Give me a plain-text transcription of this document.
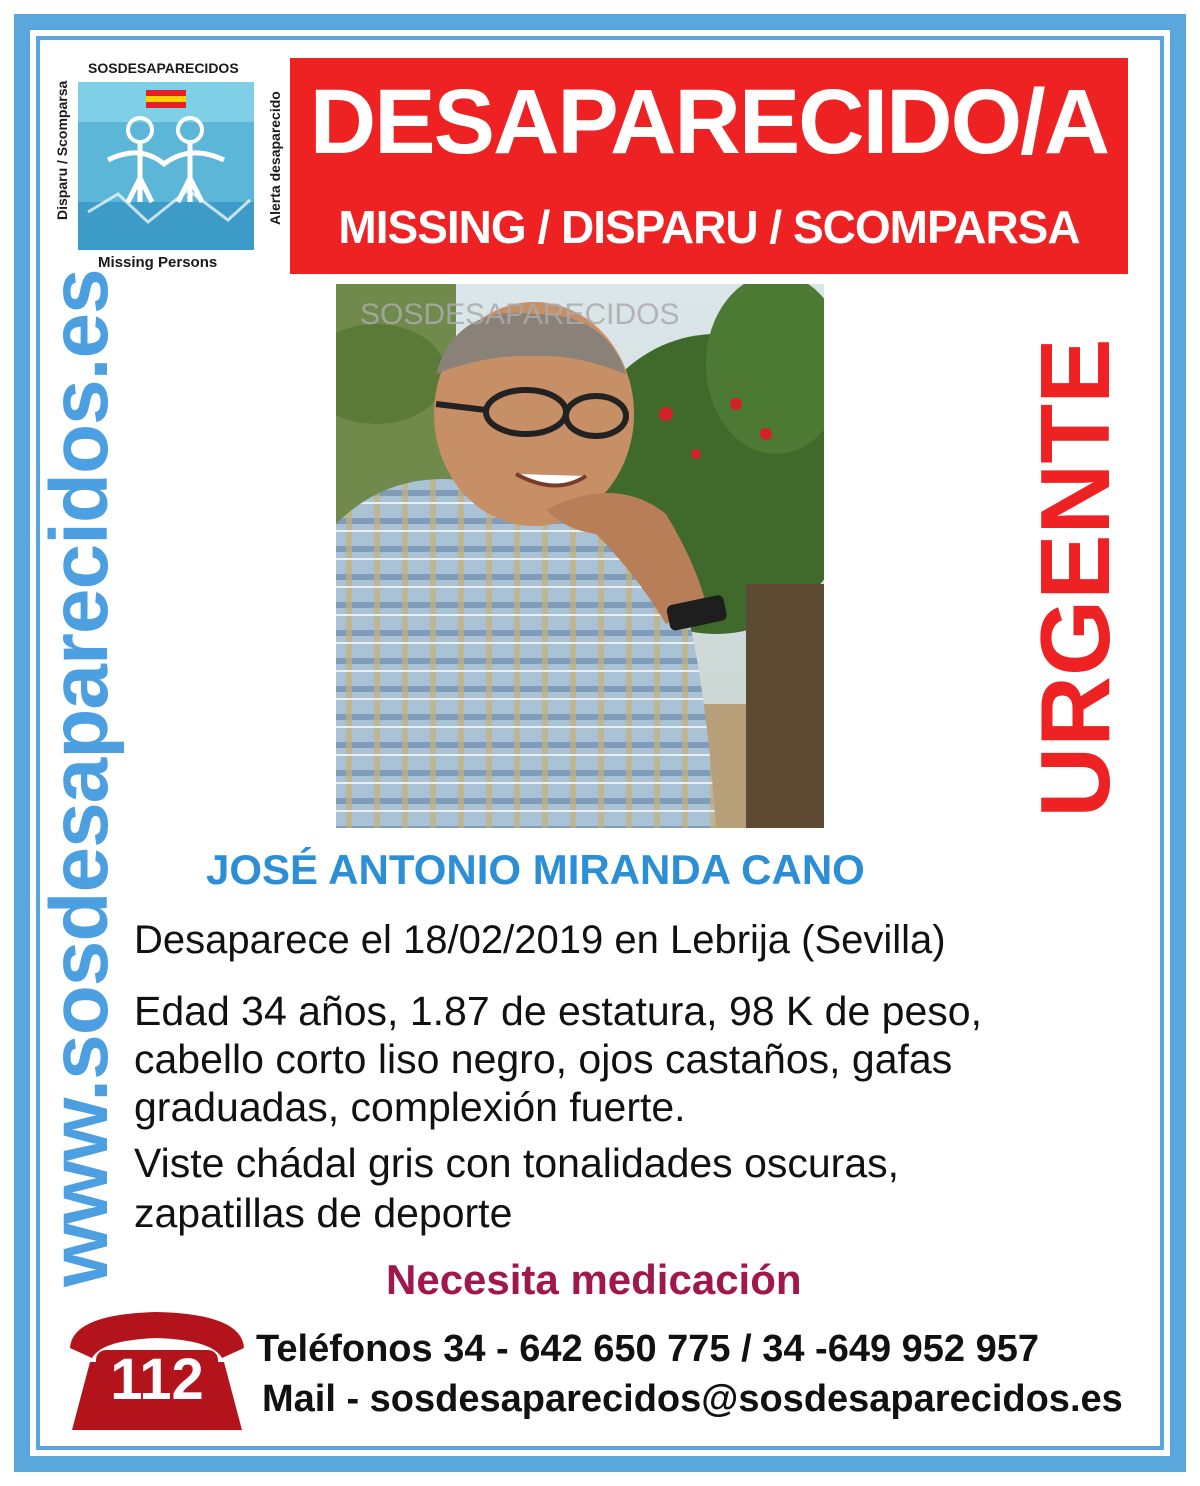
SOSDESAPARECIDOS
Disparu / Scomparsa	Alerta desaparecido
Missing Persons
DESAPARECIDO/A
MISSING / DISPARU / SCOMPARSA
www.sosdesaparecidos.es	URGENTE
SOSDESAPARECIDOS
JOSÉ ANTONIO MIRANDA CANO
Desaparece el 18/02/2019 en Lebrija (Sevilla)
Edad 34 años, 1.87 de estatura, 98 K de peso,
cabello corto liso negro, ojos castaños, gafas
graduadas, complexión fuerte.
Viste chádal gris con tonalidades oscuras,
zapatillas de deporte
Necesita medicación
112	Teléfonos 34 - 642 650 775 / 34 -649 952 957
Mail - sosdesaparecidos@sosdesaparecidos.es
